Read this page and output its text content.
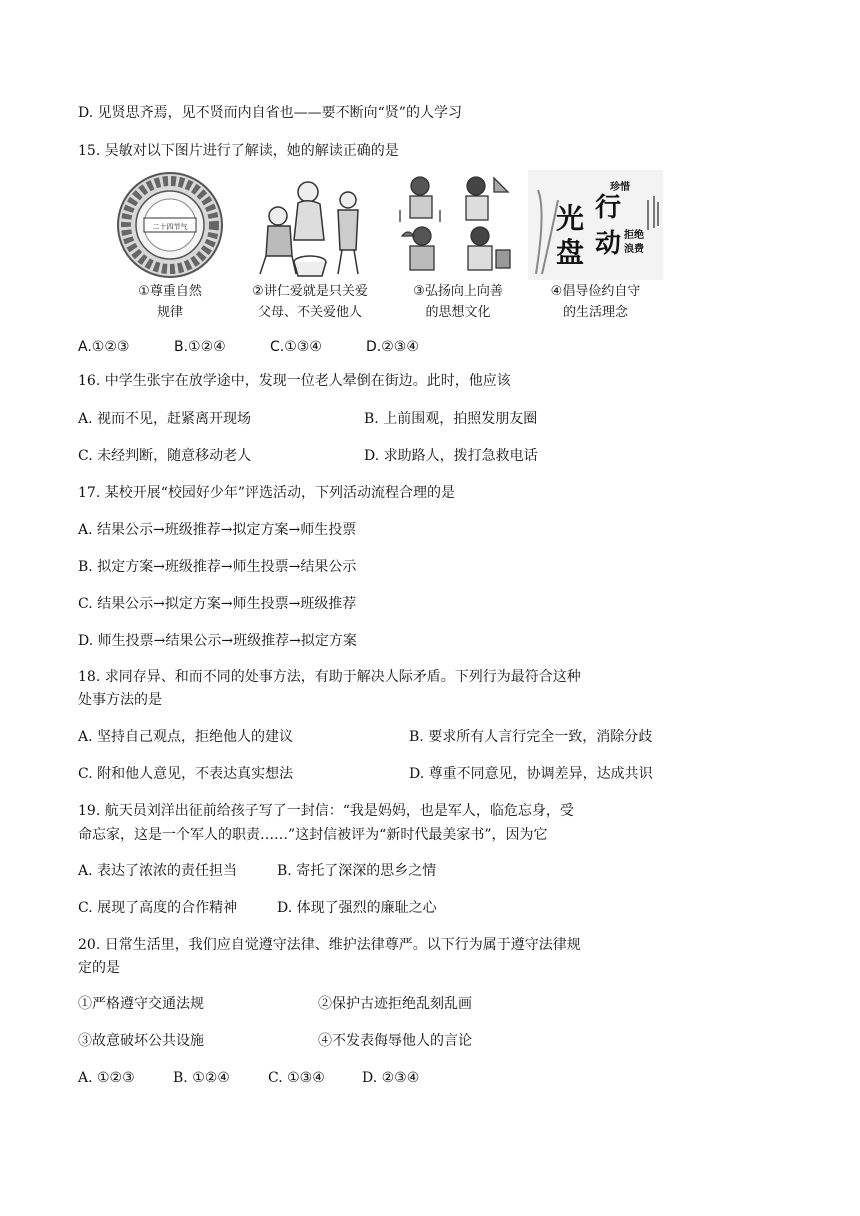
D. 见贤思齐焉，见不贤而内自省也——要不断向“贤”的人学习
15. 吴敏对以下图片进行了解读，她的解读正确的是
二十四节气
①尊重自然
规律
②讲仁爱就是只关爱
父母、不关爱他人
③弘扬向上向善
的思想文化
光
盘
行
动
珍惜
拒绝
浪费
④倡导俭约自守
的生活理念
A.①②③	B.①②④	C.①③④	D.②③④
16. 中学生张宇在放学途中，发现一位老人晕倒在街边。此时，他应该
A. 视而不见，赶紧离开现场	B. 上前围观，拍照发朋友圈
C. 未经判断，随意移动老人	D. 求助路人，拨打急救电话
17. 某校开展“校园好少年”评选活动，下列活动流程合理的是
A. 结果公示→班级推荐→拟定方案→师生投票
B. 拟定方案→班级推荐→师生投票→结果公示
C. 结果公示→拟定方案→师生投票→班级推荐
D. 师生投票→结果公示→班级推荐→拟定方案
18. 求同存异、和而不同的处事方法，有助于解决人际矛盾。下列行为最符合这种
处事方法的是
A. 坚持自己观点，拒绝他人的建议	B. 要求所有人言行完全一致，消除分歧
C. 附和他人意见，不表达真实想法	D. 尊重不同意见，协调差异，达成共识
19. 航天员刘洋出征前给孩子写了一封信：“我是妈妈，也是军人，临危忘身，受
命忘家，这是一个军人的职责……”这封信被评为“新时代最美家书”，因为它
A. 表达了浓浓的责任担当	B. 寄托了深深的思乡之情
C. 展现了高度的合作精神	D. 体现了强烈的廉耻之心
20. 日常生活里，我们应自觉遵守法律、维护法律尊严。以下行为属于遵守法律规
定的是
①严格遵守交通法规	②保护古迹拒绝乱刻乱画
③故意破坏公共设施	④不发表侮辱他人的言论
A. ①②③	B. ①②④	C. ①③④	D. ②③④
